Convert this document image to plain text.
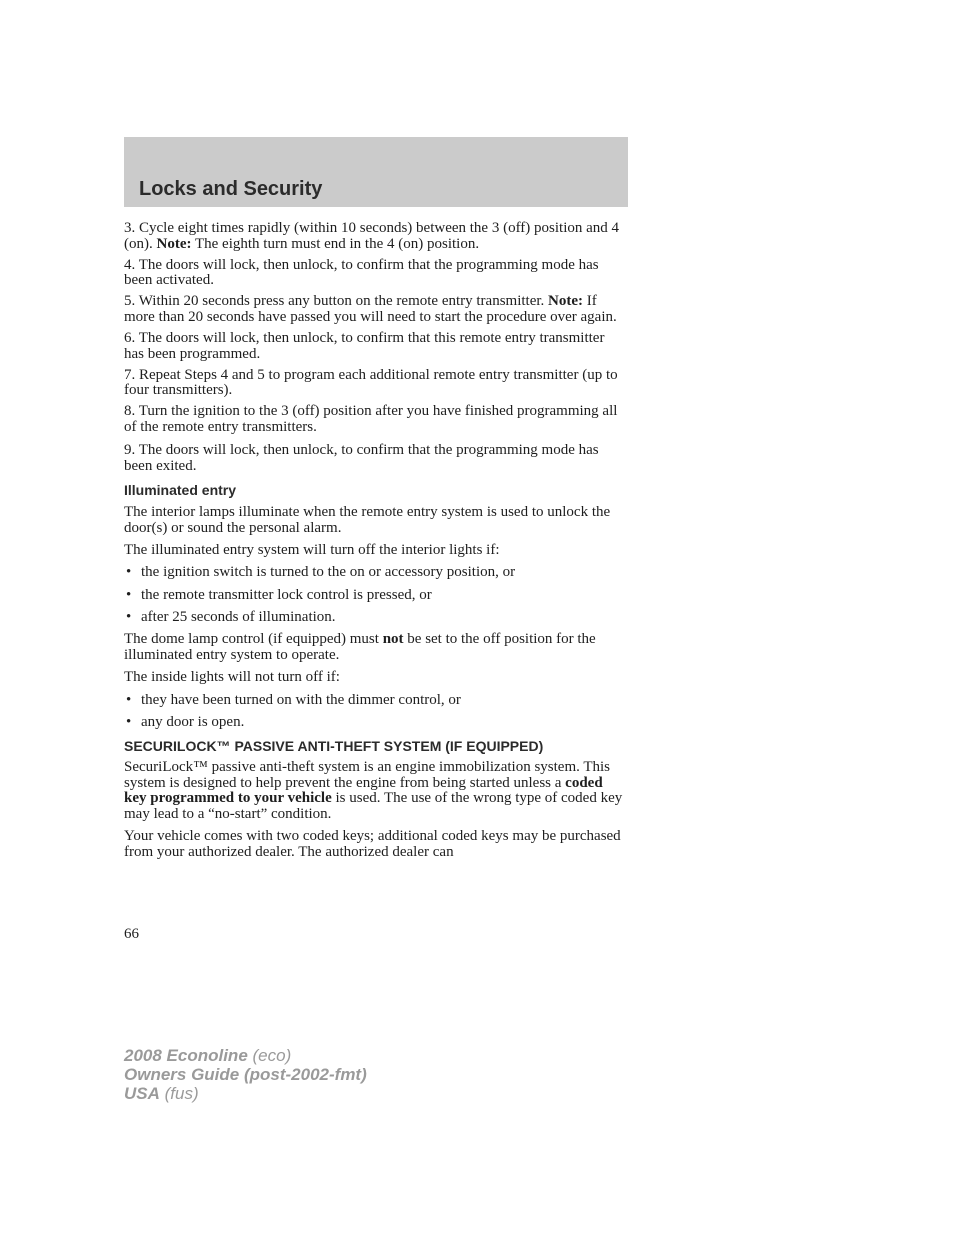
Locks and Security

3. Cycle eight times rapidly (within 10 seconds) between the 3 (off) position and 4 (on). Note: The eighth turn must end in the 4 (on) position.

4. The doors will lock, then unlock, to confirm that the programming mode has been activated.

5. Within 20 seconds press any button on the remote entry transmitter. Note: If more than 20 seconds have passed you will need to start the procedure over again.

6. The doors will lock, then unlock, to confirm that this remote entry transmitter has been programmed.

7. Repeat Steps 4 and 5 to program each additional remote entry transmitter (up to four transmitters).

8. Turn the ignition to the 3 (off) position after you have finished programming all of the remote entry transmitters.

9. The doors will lock, then unlock, to confirm that the programming mode has been exited.

Illuminated entry

The interior lamps illuminate when the remote entry system is used to unlock the door(s) or sound the personal alarm.

The illuminated entry system will turn off the interior lights if:

• the ignition switch is turned to the on or accessory position, or
• the remote transmitter lock control is pressed, or
• after 25 seconds of illumination.

The dome lamp control (if equipped) must not be set to the off position for the illuminated entry system to operate.

The inside lights will not turn off if:

• they have been turned on with the dimmer control, or
• any door is open.
SECURILOCK™ PASSIVE ANTI-THEFT SYSTEM (IF EQUIPPED)

SecuriLock™ passive anti-theft system is an engine immobilization system. This system is designed to help prevent the engine from being started unless a coded key programmed to your vehicle is used. The use of the wrong type of coded key may lead to a “no-start” condition.

Your vehicle comes with two coded keys; additional coded keys may be purchased from your authorized dealer. The authorized dealer can

66
2008 Econoline (eco)
Owners Guide (post-2002-fmt)
USA (fus)
